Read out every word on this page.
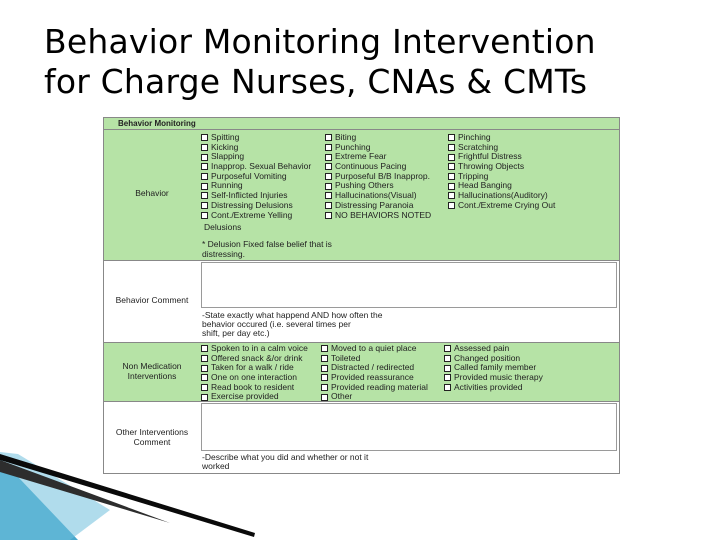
Behavior Monitoring Intervention
for Charge Nurses, CNAs & CMTs
Behavior Monitoring
Behavior
Spitting
Kicking
Slapping
Inapprop. Sexual Behavior
Purposeful Vomiting
Running
Self-Inflicted Injuries
Distressing Delusions
Cont./Extreme Yelling
Biting
Punching
Extreme Fear
Continuous Pacing
Purposeful B/B Inapprop.
Pushing Others
Hallucinations(Visual)
Distressing Paranoia
NO BEHAVIORS NOTED
Pinching
Scratching
Frightful Distress
Throwing Objects
Tripping
Head Banging
Hallucinations(Auditory)
Cont./Extreme Crying Out
Delusions
* Delusion Fixed false belief that is
distressing.
Behavior Comment
-State exactly what happend AND how often the
behavior occured (i.e. several times per
shift, per day etc.)
Non Medication
Interventions
Spoken to in a calm voice
Offered snack &/or drink
Taken for a walk / ride
One on one interaction
Read book to resident
Exercise provided
Moved to a quiet place
Toileted
Distracted / redirected
Provided reassurance
Provided reading material
Other
Assessed pain
Changed position
Called family member
Provided music therapy
Activities provided
Other Interventions
Comment
-Describe what you did and whether or not it
worked
